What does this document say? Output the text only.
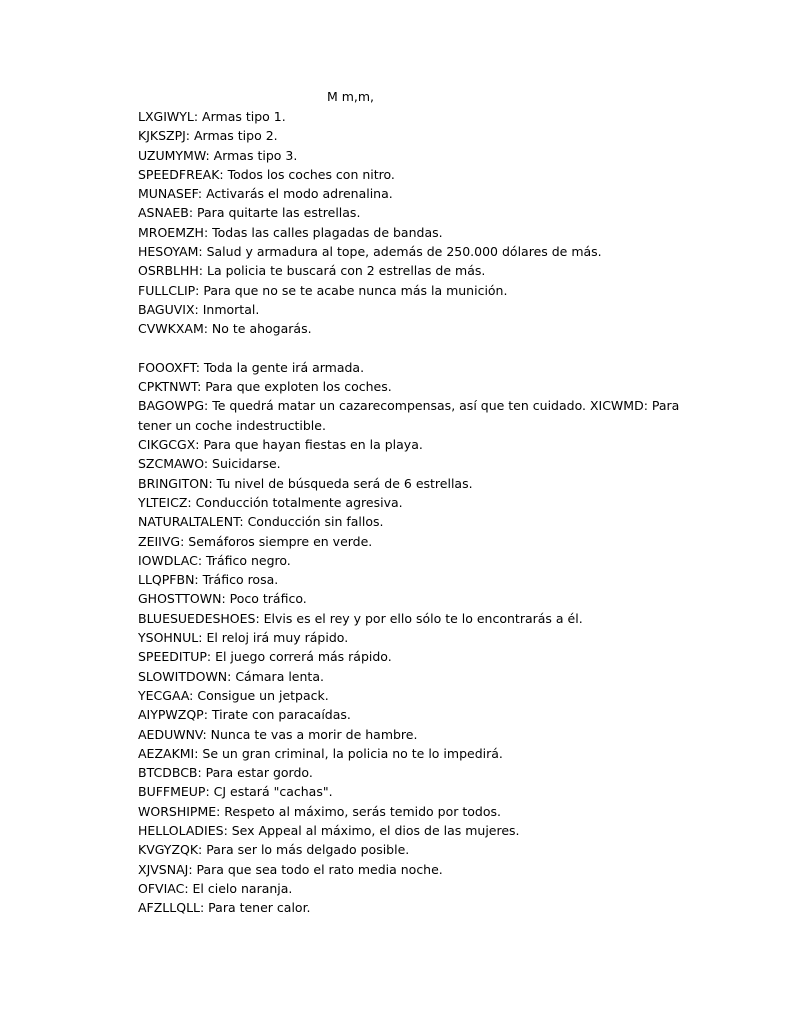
M m,m,
LXGIWYL: Armas tipo 1.
KJKSZPJ: Armas tipo 2.
UZUMYMW: Armas tipo 3.
SPEEDFREAK: Todos los coches con nitro.
MUNASEF: Activarás el modo adrenalina.
ASNAEB: Para quitarte las estrellas.
MROEMZH: Todas las calles plagadas de bandas.
HESOYAM: Salud y armadura al tope, además de 250.000 dólares de más.
OSRBLHH: La policia te buscará con 2 estrellas de más.
FULLCLIP: Para que no se te acabe nunca más la munición.
BAGUVIX: Inmortal.
CVWKXAM: No te ahogarás.
FOOOXFT: Toda la gente irá armada.
CPKTNWT: Para que exploten los coches.
BAGOWPG: Te quedrá matar un cazarecompensas, así que ten cuidado. XICWMD: Para tener un coche indestructible.
CIKGCGX: Para que hayan fiestas en la playa.
SZCMAWO: Suicidarse.
BRINGITON: Tu nivel de búsqueda será de 6 estrellas.
YLTEICZ: Conducción totalmente agresiva.
NATURALTALENT: Conducción sin fallos.
ZEIIVG: Semáforos siempre en verde.
IOWDLAC: Tráfico negro.
LLQPFBN: Tráfico rosa.
GHOSTTOWN: Poco tráfico.
BLUESUEDESHOES: Elvis es el rey y por ello sólo te lo encontrarás a él.
YSOHNUL: El reloj irá muy rápido.
SPEEDITUP: El juego correrá más rápido.
SLOWITDOWN: Cámara lenta.
YECGAA: Consigue un jetpack.
AIYPWZQP: Tirate con paracaídas.
AEDUWNV: Nunca te vas a morir de hambre.
AEZAKMI: Se un gran criminal, la policia no te lo impedirá.
BTCDBCB: Para estar gordo.
BUFFMEUP: CJ estará "cachas".
WORSHIPME: Respeto al máximo, serás temido por todos.
HELLOLADIES: Sex Appeal al máximo, el dios de las mujeres.
KVGYZQK: Para ser lo más delgado posible.
XJVSNAJ: Para que sea todo el rato media noche.
OFVIAC: El cielo naranja.
AFZLLQLL: Para tener calor.
